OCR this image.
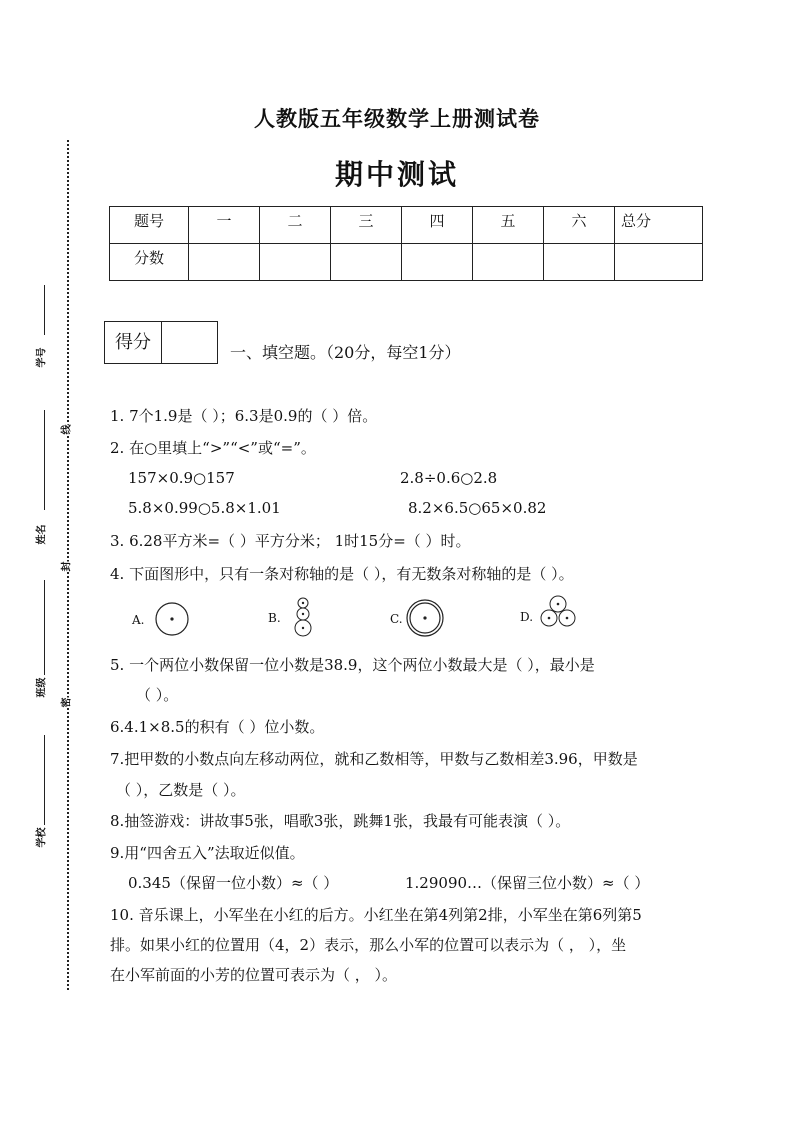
学号
姓名
班级
学校
线
封
密
人教版五年级数学上册测试卷
期中测试
题号	一	二	三	四	五	六	总分

分数							

得分	一、填空题。（20分，每空1分）
1. 7个1.9是（ ）；6.3是0.9的（ ）倍。
2. 在○里填上“>”“<”或“=”。
157×0.9○157	2.8÷0.6○2.8
5.8×0.99○5.8×1.01	8.2×6.5○65×0.82
3. 6.28平方米=（ ）平方分米； 1时15分=（ ）时。
4. 下面图形中，只有一条对称轴的是（ ），有无数条对称轴的是（ ）。
A.	B.	C.	D.
5. 一个两位小数保留一位小数是38.9，这个两位小数最大是（ ），最小是
（ ）。
6.4.1×8.5的积有（ ）位小数。
7.把甲数的小数点向左移动两位，就和乙数相等，甲数与乙数相差3.96，甲数是
（ ），乙数是（ ）。
8.抽签游戏：讲故事5张，唱歌3张，跳舞1张，我最有可能表演（ ）。
9.用“四舍五入”法取近似值。
0.345（保留一位小数）≈（ ）	1.29090…（保留三位小数）≈（ ）
10. 音乐课上，小军坐在小红的后方。小红坐在第4列第2排，小军坐在第6列第5
排。如果小红的位置用（4，2）表示，那么小军的位置可以表示为（ ， ），坐
在小军前面的小芳的位置可表示为（ ， ）。
